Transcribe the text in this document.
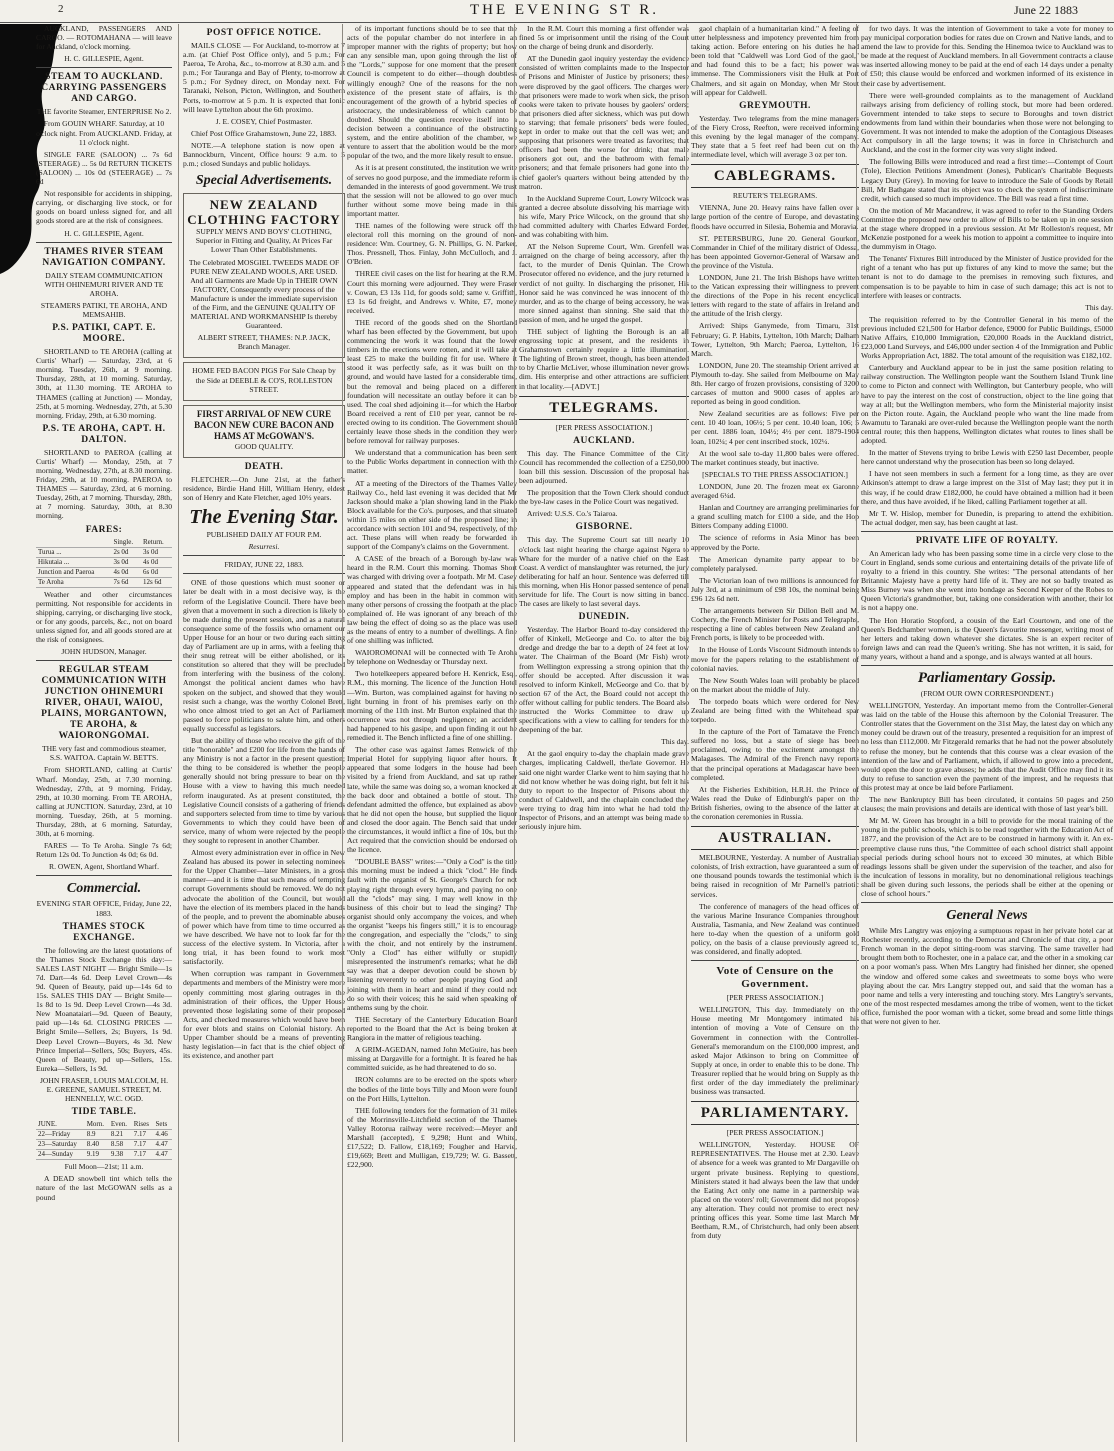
2	THE EVENING ST R.	June 22 1883

AUCKLAND, PASSENGERS AND CARGO. — ROTOMAHANA — will leave for Auckland, o'clock morning.

H. C. GILLESPIE, Agent.

STEAM TO AUCKLAND. CARRYING PASSENGERS AND CARGO.

THE favorite Steamer, ENTERPRISE No 2.

From GOUIN WHARF. Saturday, at 10 o'clock night. From AUCKLAND. Friday, at 11 o'clock night.

SINGLE FARE (SALOON) ... 7s 6d (STEERAGE) ... 5s 0d RETURN TICKETS (SALOON) ... 10s 0d (STEERAGE) ... 7s 6d

Not responsible for accidents in shipping, carrying, or discharging live stock, or for goods on board unless signed for, and all goods stored are at the risk of consignees.

H. C. GILLESPIE, Agent.

THAMES RIVER STEAM NAVIGATION COMPANY.

DAILY STEAM COMMUNICATION WITH OHINEMURI RIVER AND TE AROHA.

STEAMERS PATIKI, TE AROHA, AND MEMSAHIB.

P.S. PATIKI, CAPT. E. MOORE.

SHORTLAND to TE AROHA (calling at Curtis' Wharf) — Saturday, 23rd, at 6 morning. Tuesday, 26th, at 9 morning. Thursday, 28th, at 10 morning. Saturday, 30th, at 11.30 morning. TE AROHA to THAMES (calling at Junction) — Monday, 25th, at 5 morning. Wednesday, 27th, at 5.30 morning. Friday, 29th, at 6.30 morning.

P.S. TE AROHA, CAPT. H. DALTON.

SHORTLAND to PAEROA (calling at Curtis' Wharf) — Monday, 25th, at 7 morning. Wednesday, 27th, at 8.30 morning. Friday, 29th, at 10 morning. PAEROA to THAMES — Saturday, 23rd, at 6 morning. Tuesday, 26th, at 7 morning. Thursday, 28th, at 7 morning. Saturday, 30th, at 8.30 morning.

FARES:
	Single.	Return.
Turua ...	2s 0d	3s 0d
Hikutaia ...	3s 0d	4s 0d
Junction and Paeroa	4s 0d	6s 0d
Te Aroha	7s 6d	12s 6d

Weather and other circumstances permitting. Not responsible for accidents in shipping, carrying, or discharging live stock, or for any goods, parcels, &c., not on board unless signed for, and all goods stored are at the risk of consignees.

JOHN HUDSON, Manager.

REGULAR STEAM COMMUNICATION WITH JUNCTION OHINEMURI RIVER, OHAUI, WAIOU, PLAINS, MORGANTOWN, TE AROHA, & WAIORONGOMAI.

THE very fast and commodious steamer, S.S. WAITOA. Captain W. BETTS.

From SHORTLAND, calling at Curtis' Wharf. Monday, 25th, at 7.30 morning. Wednesday, 27th, at 9 morning. Friday, 29th, at 10.30 morning. From TE AROHA, calling at JUNCTION. Saturday, 23rd, at 10 morning. Tuesday, 26th, at 5 morning. Thursday, 28th, at 6 morning. Saturday, 30th, at 6 morning.

FARES — To Te Aroha. Single 7s 6d; Return 12s 0d. To Junction 4s 0d; 6s 0d.

R. OWEN, Agent, Shortland Wharf.

Commercial.

EVENING STAR OFFICE, Friday, June 22, 1883.

THAMES STOCK EXCHANGE.

The following are the latest quotations of the Thames Stock Exchange this day:— SALES LAST NIGHT — Bright Smile—1s 7d. Dart—4s 6d. Deep Level Crown—4s 9d. Queen of Beauty, paid up—14s 6d to 15s. SALES THIS DAY — Bright Smile—1s 8d to 1s 9d. Deep Level Crown—4s 3d. New Moanataiari—9d. Queen of Beauty, paid up—14s 6d. CLOSING PRICES — Bright Smile—Sellers, 2s; Buyers, 1s 9d. Deep Level Crown—Buyers, 4s 3d. New Prince Imperial—Sellers, 50s; Buyers, 45s. Queen of Beauty, pd up—Sellers, 15s. Eureka—Sellers, 1s 9d.

JOHN FRASER, LOUIS MALCOLM, H. E. GREENE, SAMUEL STREET, M. HENNELLY, W.C. OGD.

TIDE TABLE.
JUNE.	Morn.	Even.	Rises	Sets
22—Friday	8.9	8.21	7.17	4.46
23—Saturday	8.40	8.58	7.17	4.47
24—Sunday	9.19	9.38	7.17	4.47

Full Moon—21st; 11 a.m.

A DEAD snowbell tint which tells the nature of the last McGOWAN sells as a pound

POST OFFICE NOTICE.

MAILS CLOSE — For Auckland, to-morrow at 7 a.m. (at Chief Post Office only), and 5 p.m.; For Paeroa, Te Aroha, &c., to-morrow at 8.30 a.m. and 5 p.m.; For Tauranga and Bay of Plenty, to-morrow at 5 p.m.; For Sydney direct, on Monday next. For Taranaki, Nelson, Picton, Wellington, and Southern Ports, to-morrow at 5 p.m. It is expected that Ionic will leave Lyttelton about the 6th proximo.

J. E. COSEY, Chief Postmaster.

Chief Post Office Grahamstown, June 22, 1883.

NOTE.—A telephone station is now open at Bannockburn, Vincent, Office hours: 9 a.m. to 5 p.m.; closed Sundays and public holidays.

Special Advertisements.
NEW ZEALAND CLOTHING FACTORY

SUPPLY MEN'S AND BOYS' CLOTHING, Superior in Fitting and Quality, At Prices Far Lower Than Other Establishments.

The Celebrated MOSGIEL TWEEDS MADE OF PURE NEW ZEALAND WOOLS, ARE USED. And all Garments are Made Up in THEIR OWN FACTORY, Consequently every process of the Manufacture is under the immediate supervision of the Firm, and the GENUINE QUALITY OF MATERIAL AND WORKMANSHIP Is thereby Guaranteed.

ALBERT STREET, THAMES: N.P. JACK, Branch Manager.

HOME FED BACON PIGS For Sale Cheap by the Side at DEEBLE & CO'S, ROLLESTON STREET.

FIRST ARRIVAL OF NEW CURE BACON NEW CURE BACON AND HAMS AT McGOWAN'S.

GOOD QUALITY.

DEATH.

FLETCHER.—On June 21st, at the father's residence, Birdie Hand Hill, William Henry, eldest son of Henry and Kate Fletcher, aged 10½ years.

The Evening Star.

PUBLISHED DAILY AT FOUR P.M.

Resurresi.

FRIDAY, JUNE 22, 1883.

ONE of those questions which must sooner or later be dealt with in a most decisive way, is the reform of the Legislative Council. There have been given that a movement in such a direction is likely to be made during the present session, and as a natural consequence some of the fossils who ornament our Upper House for an hour or two during each sitting day of Parliament are up in arms, with a feeling that their snug retreat will be either abolished, or its constitution so altered that they will be precluded from interfering with the business of the colony. Amongst the political ancient dames who have spoken on the subject, and showed that they would resist such a change, was the worthy Colonel Brett, who once almost tried to get an Act of Parliament passed to force politicians to salute him, and others equally successful as legislators.

But the ability of those who receive the gift of the title "honorable" and £200 for life from the hands of any Ministry is not a factor in the present question; the thing to be considered is whether the people generally should not bring pressure to bear on the House with a view to having this much needed reform inaugurated. As at present constituted, the Legislative Council consists of a gathering of friends and supporters selected from time to time by various Governments to which they could have been of service, many of whom were rejected by the people they sought to represent in another Chamber.

Almost every administration ever in office in New Zealand has abused its power in selecting nominees for the Upper Chamber—later Ministers, in a gross manner—and it is time that such means of tempting corrupt Governments should be removed. We do not advocate the abolition of the Council, but would have the election of its members placed in the hands of the people, and to prevent the abominable abuses of power which have from time to time occurred as we have described. We have not to look far for the success of the elective system. In Victoria, after a long trial, it has been found to work most satisfactorily.

When corruption was rampant in Government departments and members of the Ministry were more openly committing most glaring outrages in the administration of their offices, the Upper House prevented those legislating some of their proposed Acts, and checked measures which would have been for ever blots and stains on Colonial history. An Upper Chamber should be a means of preventing hasty legislation—in fact that is the chief object of its existence, and another part

of its important functions should be to see that the acts of the popular chamber do not interfere in an improper manner with the rights of property; but how can any sensible man, upon going through the list of the "Lords," suppose for one moment that the present Council is competent to do either—though doubtless willingly enough? One of the reasons for the non existence of the present state of affairs, is the encouragement of the growth of a hybrid species of aristocracy, the undesirableness of which cannot be doubted. Should the question receive itself into a decision between a continuance of the obstructing system, and the entire abolition of the chamber, we venture to assert that the abolition would be the more popular of the two, and the more likely result to ensue.

As it is at present constituted, the institution we write of serves no good purpose, and the immediate reform is demanded in the interests of good government. We trust that the session will not be allowed to go over much further without some move being made in this important matter.

THE names of the following were struck off the electoral roll this morning on the ground of non-residence: Wm. Courtney, G. N. Phillips, G. N. Parker, Thos. Pressnell, Thos. Finlay, John McCulloch, and J. O'Brien.

THREE civil cases on the list for hearing at the R.M. Court this morning were adjourned. They were Fraser v. Cowan, £3 13s 11d, for goods sold; same v. Griffith, £3 1s 6d freight, and Andrews v. White, £7, money received.

THE record of the goods shed on the Shortland wharf has been effected by the Government, but upon commencing the work it was found that the lower timbers in the erections were rotten, and it will take at least £25 to make the building fit for use. Where it stood it was perfectly safe, as it was built on the ground, and would have lasted for a considerable time, but the removal and being placed on a different foundation will necessitate an outlay before it can be used. The coal shed adjoining it—for which the Harbor Board received a rent of £10 per year, cannot be re-erected owing to its condition. The Government should certainly leave those sheds in the condition they were before removal for railway purposes.

We understand that a communication has been sent to the Public Works department in connection with the matter.

AT a meeting of the Directors of the Thames Valley Railway Co., held last evening it was decided that Mr Jackson should make a 'plan showing land in the Piako Block available for the Co's. purposes, and that situated within 15 miles on either side of the proposed line; in accordance with section 101 and 94, respectively, of the act. These plans will when ready be forwarded in support of the Company's claims on the Government.

A CASE of the breach of a Borough by-law was heard in the R.M. Court this morning. Thomas Short was charged with driving over a footpath. Mr M. Casey appeared and stated that the defendant was in his employ and has been in the habit in common with many other persons of crossing the footpath at the place complained of. He was ignorant of any breach of the law being the effect of doing so as the place was used as the means of entry to a number of dwellings. A fine of one shilling was inflicted.

WAIOROMONAI will be connected with Te Aroha by telephone on Wednesday or Thursday next.

Two hotelkeepers appeared before H. Kenrick, Esq., R.M., this morning. The licence of the Junction Hotel—Wm. Burton, was complained against for having no light burning in front of his premises early on the morning of the 11th inst. Mr Burton explained that the occurrence was not through negligence; an accident had happened to his gasipe, and upon finding it out he remedied it. The Bench inflicted a fine of one shilling.

The other case was against James Renwick of the Imperial Hotel for supplying liquor after hours. It appeared that some lodgers in the house had been visited by a friend from Auckland, and sat up rather late, while the same was doing so, a woman knocked at the back door and obtained a bottle of stout. The defendant admitted the offence, but explained as above that he did not open the house, but supplied the liquor and closed the door again. The Bench said that under the circumstances, it would inflict a fine of 10s, but the Act required that the conviction should be endorsed on the licence.

"DOUBLE BASS" writes:—"Only a Cod" is the title this morning must be indeed a thick "clod." He finds fault with the organist of St. George's Church for not playing right through every hymn, and paying no one all the "clods" may sing. I may well know in the business of this choir but to lead the singing? The organist should only accompany the voices, and when the organist "keeps his fingers still," it is to encourage the congregation, and especially the "clods," to sing with the choir, and not entirely by the instrument. "Only a Clod" has either wilfully or stupidly misrepresented the instrument's remarks; what he did say was that a deeper devotion could be shown by listening reverently to other people praying God and joining with them in heart and mind if they could not do so with their voices; this he said when speaking of anthems sung by the choir.

THE Secretary of the Canterbury Education Board reported to the Board that the Act is being broken at Rangiora in the matter of religious teaching.

A GRIM-AGEDAN, named John McGuire, has been missing at Dargaville for a fortnight. It is feared he has committed suicide, as he had threatened to do so.

IRON columns are to be erected on the spots where the bodies of the little boys Tilly and Moon were found on the Port Hills, Lyttelton.

THE following tenders for the formation of 31 miles of the Morrinsville-Litchfield section of the Thames Valley Rotorua railway were received:—Meyer and Marshall (accepted), £ 9,298; Hunt and White, £17,522; D. Fallow, £18,169; Fougher and Harvie, £19,669; Brett and Mulligan, £19,729; W. G. Bassett, £22,900.

In the R.M. Court this morning a first offender was fined 5s or imprisonment until the rising of the Court on the charge of being drunk and disorderly.

AT the Dunedin gaol inquiry yesterday the evidence consisted of written complaints made to the Inspector of Prisons and Minister of Justice by prisoners; these were disproved by the gaol officers. The charges were that prisoners were made to work when sick, the prison cooks were taken to private houses by gaolers' orders; that prisoners died after sickness, which was put down to starving; that female prisoners' beds were fouled, kept in order to make out that the cell was wet; and supposing that prisoners were treated as favorites; that officers had been the worse for drink; that male prisoners got out, and the bathroom with female prisoners; and that female prisoners had gone into the chief gaoler's quarters without being attended by the matron.

In the Auckland Supreme Court, Lowry Wilcock was granted a decree absolute dissolving his marriage with his wife, Mary Price Wilcock, on the ground that she had committed adultery with Charles Edward Forder, and was cohabiting with him.

AT the Nelson Supreme Court, Wm. Grenfell was arraigned on the charge of being accessory, after the fact, to the murder of Denis Quinlan. The Crown Prosecutor offered no evidence, and the jury returned a verdict of not guilty. In discharging the prisoner, His Honor said he was convinced he was innocent of the murder, and as to the charge of being accessory, he was more sinned against than sinning. She said that the passion of men, and he urged the gospel.

THE subject of lighting the Borough is an all engrossing topic at present, and the residents in Grahamstown certainly require a little illumination. The lighting of Brown street, though, has been attended to by Charlie McLiver, whose illumination never grows dim. His enterprise and other attractions are sufficient in that locality.—[ADVT.]

TELEGRAMS.

[PER PRESS ASSOCIATION.]

AUCKLAND.

This day. The Finance Committee of the City Council has recommended the collection of a £250,000 loan bill this session. Discussion of the proposal has been adjourned.

The proposition that the Town Clerk should conduct the bye-law cases in the Police Court was negatived.

Arrived: U.S.S. Co.'s Taiaroa.

GISBORNE.

This day. The Supreme Court sat till nearly 10 o'clock last night hearing the charge against Ngera to Whare for the murder of a native chief on the East Coast. A verdict of manslaughter was returned, the jury deliberating for half an hour. Sentence was deferred till this morning, when His Honor passed sentence of penal servitude for life. The Court is now sitting in banco. The cases are likely to last several days.

DUNEDIN.

Yesterday. The Harbor Board to-day considered the offer of Kinkell, McGeorge and Co. to alter the big dredge and dredge the bar to a depth of 24 feet at low water. The Chairman of the Board (Mr Fish) wrote from Wellington expressing a strong opinion that the offer should be accepted. After discussion it was resolved to inform Kinkell, McGeorge and Co. that by section 67 of the Act, the Board could not accept the offer without calling for public tenders. The Board also instructed the Works Committee to draw up specifications with a view to calling for tenders for the deepening of the bar.

This day.

At the gaol enquiry to-day the chaplain made grave charges, implicating Caldwell, the/late Governor. He said one night warder Clarke went to him saying that he did not know whether he was doing right, but felt it his duty to report to the Inspector of Prisons about the conduct of Caldwell, and the chaplain concluded they were trying to drag him into what he had told the Inspector of Prisons, and an attempt was being made to seriously injure him.

gaol chaplain of a humanitarian kind." A feeling of utter helplessness and impotency prevented him from taking action. Before entering on his duties he had been told that "Caldwell was Lord God of the gaol," and had found this to be a fact; his power was immense. The Commissioners visit the Hulk at Port Chalmers, and sit again on Monday, when Mr Stout will appear for Caldwell.

GREYMOUTH.

Yesterday. Two telegrams from the mine managers of the Fiery Cross, Reefton, were received informing this evening by the legal manager of the company. They state that a 5 feet reef had been cut on the intermediate level, which will average 3 oz per ton.

CABLEGRAMS.

REUTER'S TELEGRAMS.

VIENNA, June 20. Heavy rains have fallen over a large portion of the centre of Europe, and devastating floods have occurred in Silesia, Bohemia and Moravia.

ST. PETERSBURG, June 20. General Gourkon, Commander in Chief of the military district of Odessa, has been appointed Governor-General of Warsaw and the province of the Vistula.

LONDON, June 21. The Irish Bishops have written to the Vatican expressing their willingness to prevent the directions of the Pope in his recent encyclical letters with regard to the state of affairs in Ireland and the attitude of the Irish clergy.

Arrived: Ships Ganymede, from Timaru, 31st February; G. P. Habits, Lyttelton, 10th March; Dalham Tower, Lyttelton, 9th March; Paeroa, Lyttelton, 16 March.

LONDON, June 20. The steamship Orient arrived at Plymouth to-day. She sailed from Melbourne on May 8th. Her cargo of frozen provisions, consisting of 3200 carcases of mutton and 9000 cases of apples are reported as being in good condition.

New Zealand securities are as follows: Five per cent. 10 40 loan, 106½; 5 per cent. 10.40 loan, 106; 5 per cent. 1886 loan, 104½; 4½ per cent. 1879-1904 loan, 102¼; 4 per cent inscribed stock, 102¼.

At the wool sale to-day 11,800 bales were offered. The market continues steady, but inactive.

[SPECIALS TO THE PRESS ASSOCIATION.]

LONDON, June 20. The frozen meat ex Garonne averaged 6¼d.

Hanlan and Courtney are arranging preliminaries for a grand sculling match for £100 a side, and the Hop Bitters Company adding £1000.

The science of reforms in Asia Minor has been approved by the Porte.

The American dynamite party appear to be completely paralysed.

The Victorian loan of two millions is announced for July 3rd, at a minimum of £98 10s, the nominal being £96 12s 6d nett.

The arrangements between Sir Dillon Bell and M. Cochery, the French Minister for Posts and Telegraphs, respecting a line of cables between New Zealand and French ports, is likely to be proceeded with.

In the House of Lords Viscount Sidmouth intends to move for the papers relating to the establishment of colonial navies.

The New South Wales loan will probably be placed on the market about the middle of July.

The torpedo boats which were ordered for New Zealand are being fitted with the Whitehead spar torpedo.

In the capture of the Port of Tamatave the French suffered no loss, but a state of siege has been proclaimed, owing to the excitement amongst the Malagases. The Admiral of the French navy reports that the principal operations at Madagascar have been completed.

At the Fisheries Exhibition, H.R.H. the Prince of Wales read the Duke of Edinburgh's paper on the British fisheries, owing to the absence of the latter at the coronation ceremonies in Russia.

AUSTRALIAN.

MELBOURNE, Yesterday. A number of Australian colonists, of Irish extraction, have guaranteed a sum of one thousand pounds towards the testimonial which is being raised in recognition of Mr Parnell's patriotic services.

The conference of managers of the head offices of the various Marine Insurance Companies throughout Australia, Tasmania, and New Zealand was continued here to-day when the question of a uniform gold policy, on the basis of a clause previously agreed to, was considered, and finally adopted.

Vote of Censure on the Government.

[PER PRESS ASSOCIATION.]

WELLINGTON, This day. Immediately on the House meeting Mr Montgomery intimated his intention of moving a Vote of Censure on the Government in connection with the Controller-General's memorandum on the £100,000 imprest, and asked Major Atkinson to bring on Committee of Supply at once, in order to enable this to be done. The Treasurer replied that he would bring on Supply as the first order of the day immediately the preliminary business was transacted.

PARLIAMENTARY.

[PER PRESS ASSOCIATION.]

WELLINGTON, Yesterday. HOUSE OF REPRESENTATIVES. The House met at 2.30. Leave of absence for a week was granted to Mr Dargaville on urgent private business. Replying to questions, Ministers stated it had always been the law that under the Eating Act only one name in a partnership was placed on the voters' roll; Government did not propose any alteration. They could not promise to erect new printing offices this year. Some time last March Mr Beetham, R.M., of Christchurch, had only been absent from duty

for two days. It was the intention of Government to take a vote for money to pay municipal corporation bodies for rates due on Crown and Native lands, and to amend the law to provide for this. Sending the Hinemoa twice to Auckland was to be made at the request of Auckland members. In all Government contracts a clause was inserted allowing money to be paid at the end of each 14 days under a penalty of £50; this clause would be enforced and workmen informed of its existence in their case by advertisement.

There were well-grounded complaints as to the management of Auckland railways arising from deficiency of rolling stock, but more had been ordered. Government intended to take steps to secure to Boroughs and town district endowments from land within their boundaries when those were not belonging to Government. It was not intended to make the adoption of the Contagious Diseases Act compulsory in all the large towns; it was in force in Christchurch and Auckland, and the cost in the former city was very slight indeed.

The following Bills were introduced and read a first time:—Contempt of Court (Tole), Election Petitions Amendment (Jones), Publican's Charitable Bequests Legacy Duty (Grey). In moving for leave to introduce the Sale of Goods by Retail Bill, Mr Bathgate stated that its object was to check the system of indiscriminate credit, which caused so much improvidence. The Bill was read a first time.

On the motion of Mr Macandrew, it was agreed to refer to the Standing Orders Committee the proposed new order to allow of Bills to be taken up in one session at the stage where dropped in a previous session. At Mr Rolleston's request, Mr McKenzie postponed for a week his motion to appoint a committee to inquire into the dummyism in Otago.

The Tenants' Fixtures Bill introduced by the Minister of Justice provided for the right of a tenant who has put up fixtures of any kind to move the same; but the tenant is not to do damage to the premises in removing such fixtures, and compensation is to be payable to him in case of such damage; this act is not to interfere with leases or contracts.

This day.

The requisition referred to by the Controller General in his memo of the previous included £21,500 for Harbor defence, £9000 for Public Buildings, £5000 Native Affairs, £10,000 Immigration, £20,000 Roads in the Auckland district, £23,000 Land Surveys, and £46,000 under section 4 of the Immigration and Public Works Appropriation Act, 1882. The total amount of the requisition was £182,102.

Canterbury and Auckland appear to be in just the same position relating to railway construction. The Wellington people want the Southern Island Trunk line to come to Picton and connect with Wellington, but Canterbury people, who will have to pay the interest on the cost of construction, object to the line going that way at all; but the Wellington members, who form the Ministerial majority insist on the Picton route. Again, the Auckland people who want the line made from Awamutu to Taranaki are over-ruled because the Wellington people want the north central route; this then happens, Wellington dictates what routes to lines shall be adopted.

In the matter of Stevens trying to bribe Lewis with £250 last December, people here cannot understand why the prosecution has been so long delayed.

I have not seen members in such a ferment for a long time, as they are over Atkinson's attempt to draw a large imprest on the 31st of May last; they put it in this way, if he could draw £182,000, he could have obtained a million had it been there, and thus have avoided, if he liked, calling Parliament together at all.

Mr T. W. Hislop, member for Dunedin, is preparing to attend the exhibition. The actual dodger, men say, has been caught at last.

PRIVATE LIFE OF ROYALTY.

An American lady who has been passing some time in a circle very close to the Court in England, sends some curious and entertaining details of the private life of royalty to a friend in this country. She writes: "The personal attendants of her Britannic Majesty have a pretty hard life of it. They are not so badly treated as Miss Burney was when she went into bondage as Second Keeper of the Robes to Queen Victoria's grandmother, but, taking one consideration with another, their lot is not a happy one.

The Hon Horatio Stopford, a cousin of the Earl Courtown, and one of the Queen's Bedchamber women, is the Queen's favourite messenger, writing most of her letters and taking down whatever she dictates. She is an expert reciter of foreign laws and can read the Queen's writing. She has not written, it is said, for many years, without a hand and a sponge, and is always wanted at all hours.

Parliamentary Gossip.

(FROM OUR OWN CORRESPONDENT.)

WELLINGTON, Yesterday. An important memo from the Controller-General was laid on the table of the House this afternoon by the Colonial Treasurer. The Controller states that the Government on the 31st May, the latest day on which any money could be drawn out of the treasury, presented a requisition for an imprest of no less than £112,000. Mr Fitzgerald remarks that he had not the power absolutely to refuse the money, but he contends that this course was a clear evasion of the intention of the law and of Parliament, which, if allowed to grow into a precedent, would open the door to grave abuses; he adds that the Audit Office may find it its duty to refuse to sanction even the payment of the imprest, and he requests that this protest may at once be laid before Parliament.

The new Bankruptcy Bill has been circulated, it contains 50 pages and 250 clauses; the main provisions and details are identical with those of last year's bill.

Mr M. W. Green has brought in a bill to provide for the moral training of the young in the public schools, which is to be read together with the Education Act of 1877, and the provision of the Act are to be construed in harmony with it. An ex-preemptive clause runs thus, "the Committee of each school district shall appoint special periods during school hours not to exceed 30 minutes, at which Bible readings lessons shall be given under the supervision of the teacher, and also for the inculcation of lessons in morality, but no denominational religious teachings shall be given during such lessons, the periods shall be either at the opening or close of school hours."

General News

While Mrs Langtry was enjoying a sumptuous repast in her private hotel car at Rochester recently, according to the Democrat and Chronicle of that city, a poor French woman in the depot sitting-room was starving. The same traveller had brought them both to Rochester, one in a palace car, and the other in a smoking car on a poor woman's pass. When Mrs Langtry had finished her dinner, she opened the window and offered some cakes and sweetmeats to some boys who were playing about the car. Mrs Langtry stepped out, and said that the woman has a poor name and tells a very interesting and touching story. Mrs Langtry's servants, one of the most respected mesdames among the tribe of women, went to the ticket office, furnished the poor woman with a ticket, some bread and some little things that were not given to her.
